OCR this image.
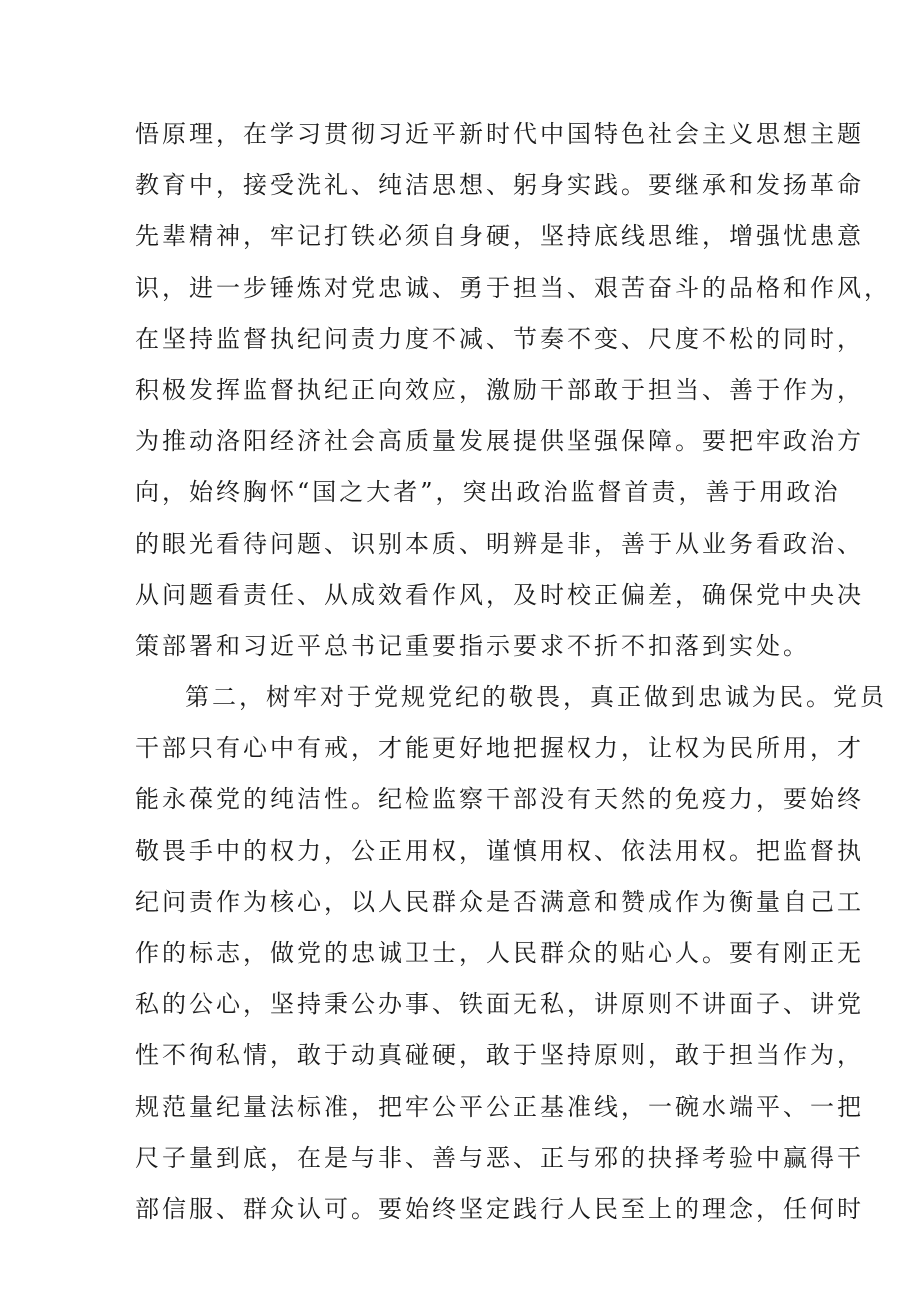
悟原理，在学习贯彻习近平新时代中国特色社会主义思想主题
教育中，接受洗礼、纯洁思想、躬身实践。要继承和发扬革命
先辈精神，牢记打铁必须自身硬，坚持底线思维，增强忧患意
识，进一步锤炼对党忠诚、勇于担当、艰苦奋斗的品格和作风，
在坚持监督执纪问责力度不减、节奏不变、尺度不松的同时，
积极发挥监督执纪正向效应，激励干部敢于担当、善于作为，
为推动洛阳经济社会高质量发展提供坚强保障。要把牢政治方
向，始终胸怀“国之大者”，突出政治监督首责，善于用政治
的眼光看待问题、识别本质、明辨是非，善于从业务看政治、
从问题看责任、从成效看作风，及时校正偏差，确保党中央决
策部署和习近平总书记重要指示要求不折不扣落到实处。
第二，树牢对于党规党纪的敬畏，真正做到忠诚为民。党员
干部只有心中有戒，才能更好地把握权力，让权为民所用，才
能永葆党的纯洁性。纪检监察干部没有天然的免疫力，要始终
敬畏手中的权力，公正用权，谨慎用权、依法用权。把监督执
纪问责作为核心，以人民群众是否满意和赞成作为衡量自己工
作的标志，做党的忠诚卫士，人民群众的贴心人。要有刚正无
私的公心，坚持秉公办事、铁面无私，讲原则不讲面子、讲党
性不徇私情，敢于动真碰硬，敢于坚持原则，敢于担当作为，
规范量纪量法标准，把牢公平公正基准线，一碗水端平、一把
尺子量到底，在是与非、善与恶、正与邪的抉择考验中赢得干
部信服、群众认可。要始终坚定践行人民至上的理念，任何时
